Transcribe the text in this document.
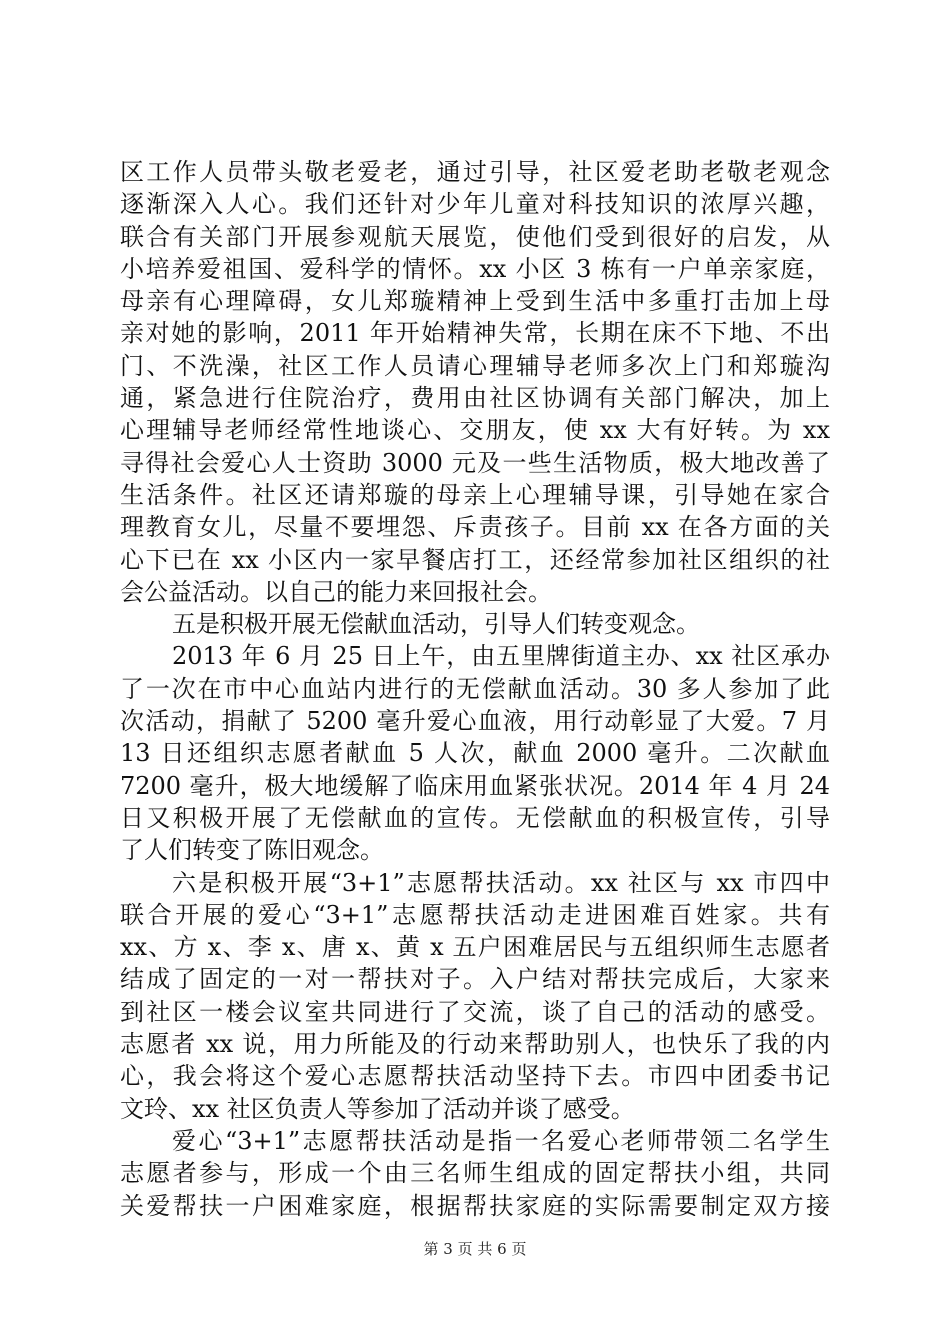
区工作人员带头敬老爱老，通过引导，社区爱老助老敬老观念
逐渐深入人心。我们还针对少年儿童对科技知识的浓厚兴趣，
联合有关部门开展参观航天展览，使他们受到很好的启发，从
小培养爱祖国、爱科学的情怀。xx 小区 3 栋有一户单亲家庭，
母亲有心理障碍，女儿郑璇精神上受到生活中多重打击加上母
亲对她的影响，2011 年开始精神失常，长期在床不下地、不出
门、不洗澡，社区工作人员请心理辅导老师多次上门和郑璇沟
通，紧急进行住院治疗，费用由社区协调有关部门解决，加上
心理辅导老师经常性地谈心、交朋友，使 xx 大有好转。为 xx
寻得社会爱心人士资助 3000 元及一些生活物质，极大地改善了
生活条件。社区还请郑璇的母亲上心理辅导课，引导她在家合
理教育女儿，尽量不要埋怨、斥责孩子。目前 xx 在各方面的关
心下已在 xx 小区内一家早餐店打工，还经常参加社区组织的社
会公益活动。以自己的能力来回报社会。
五是积极开展无偿献血活动，引导人们转变观念。
2013 年 6 月 25 日上午，由五里牌街道主办、xx 社区承办
了一次在市中心血站内进行的无偿献血活动。30 多人参加了此
次活动，捐献了 5200 毫升爱心血液，用行动彰显了大爱。7 月
13 日还组织志愿者献血 5 人次，献血 2000 毫升。二次献血
7200 毫升，极大地缓解了临床用血紧张状况。2014 年 4 月 24
日又积极开展了无偿献血的宣传。无偿献血的积极宣传，引导
了人们转变了陈旧观念。
六是积极开展“3+1”志愿帮扶活动。xx 社区与 xx 市四中
联合开展的爱心“3+1”志愿帮扶活动走进困难百姓家。共有
xx、方 x、李 x、唐 x、黄 x 五户困难居民与五组织师生志愿者
结成了固定的一对一帮扶对子。入户结对帮扶完成后，大家来
到社区一楼会议室共同进行了交流，谈了自己的活动的感受。
志愿者 xx 说，用力所能及的行动来帮助别人，也快乐了我的内
心，我会将这个爱心志愿帮扶活动坚持下去。市四中团委书记
文玲、xx 社区负责人等参加了活动并谈了感受。
爱心“3+1”志愿帮扶活动是指一名爱心老师带领二名学生
志愿者参与，形成一个由三名师生组成的固定帮扶小组，共同
关爱帮扶一户困难家庭，根据帮扶家庭的实际需要制定双方接
第 3 页 共 6 页
